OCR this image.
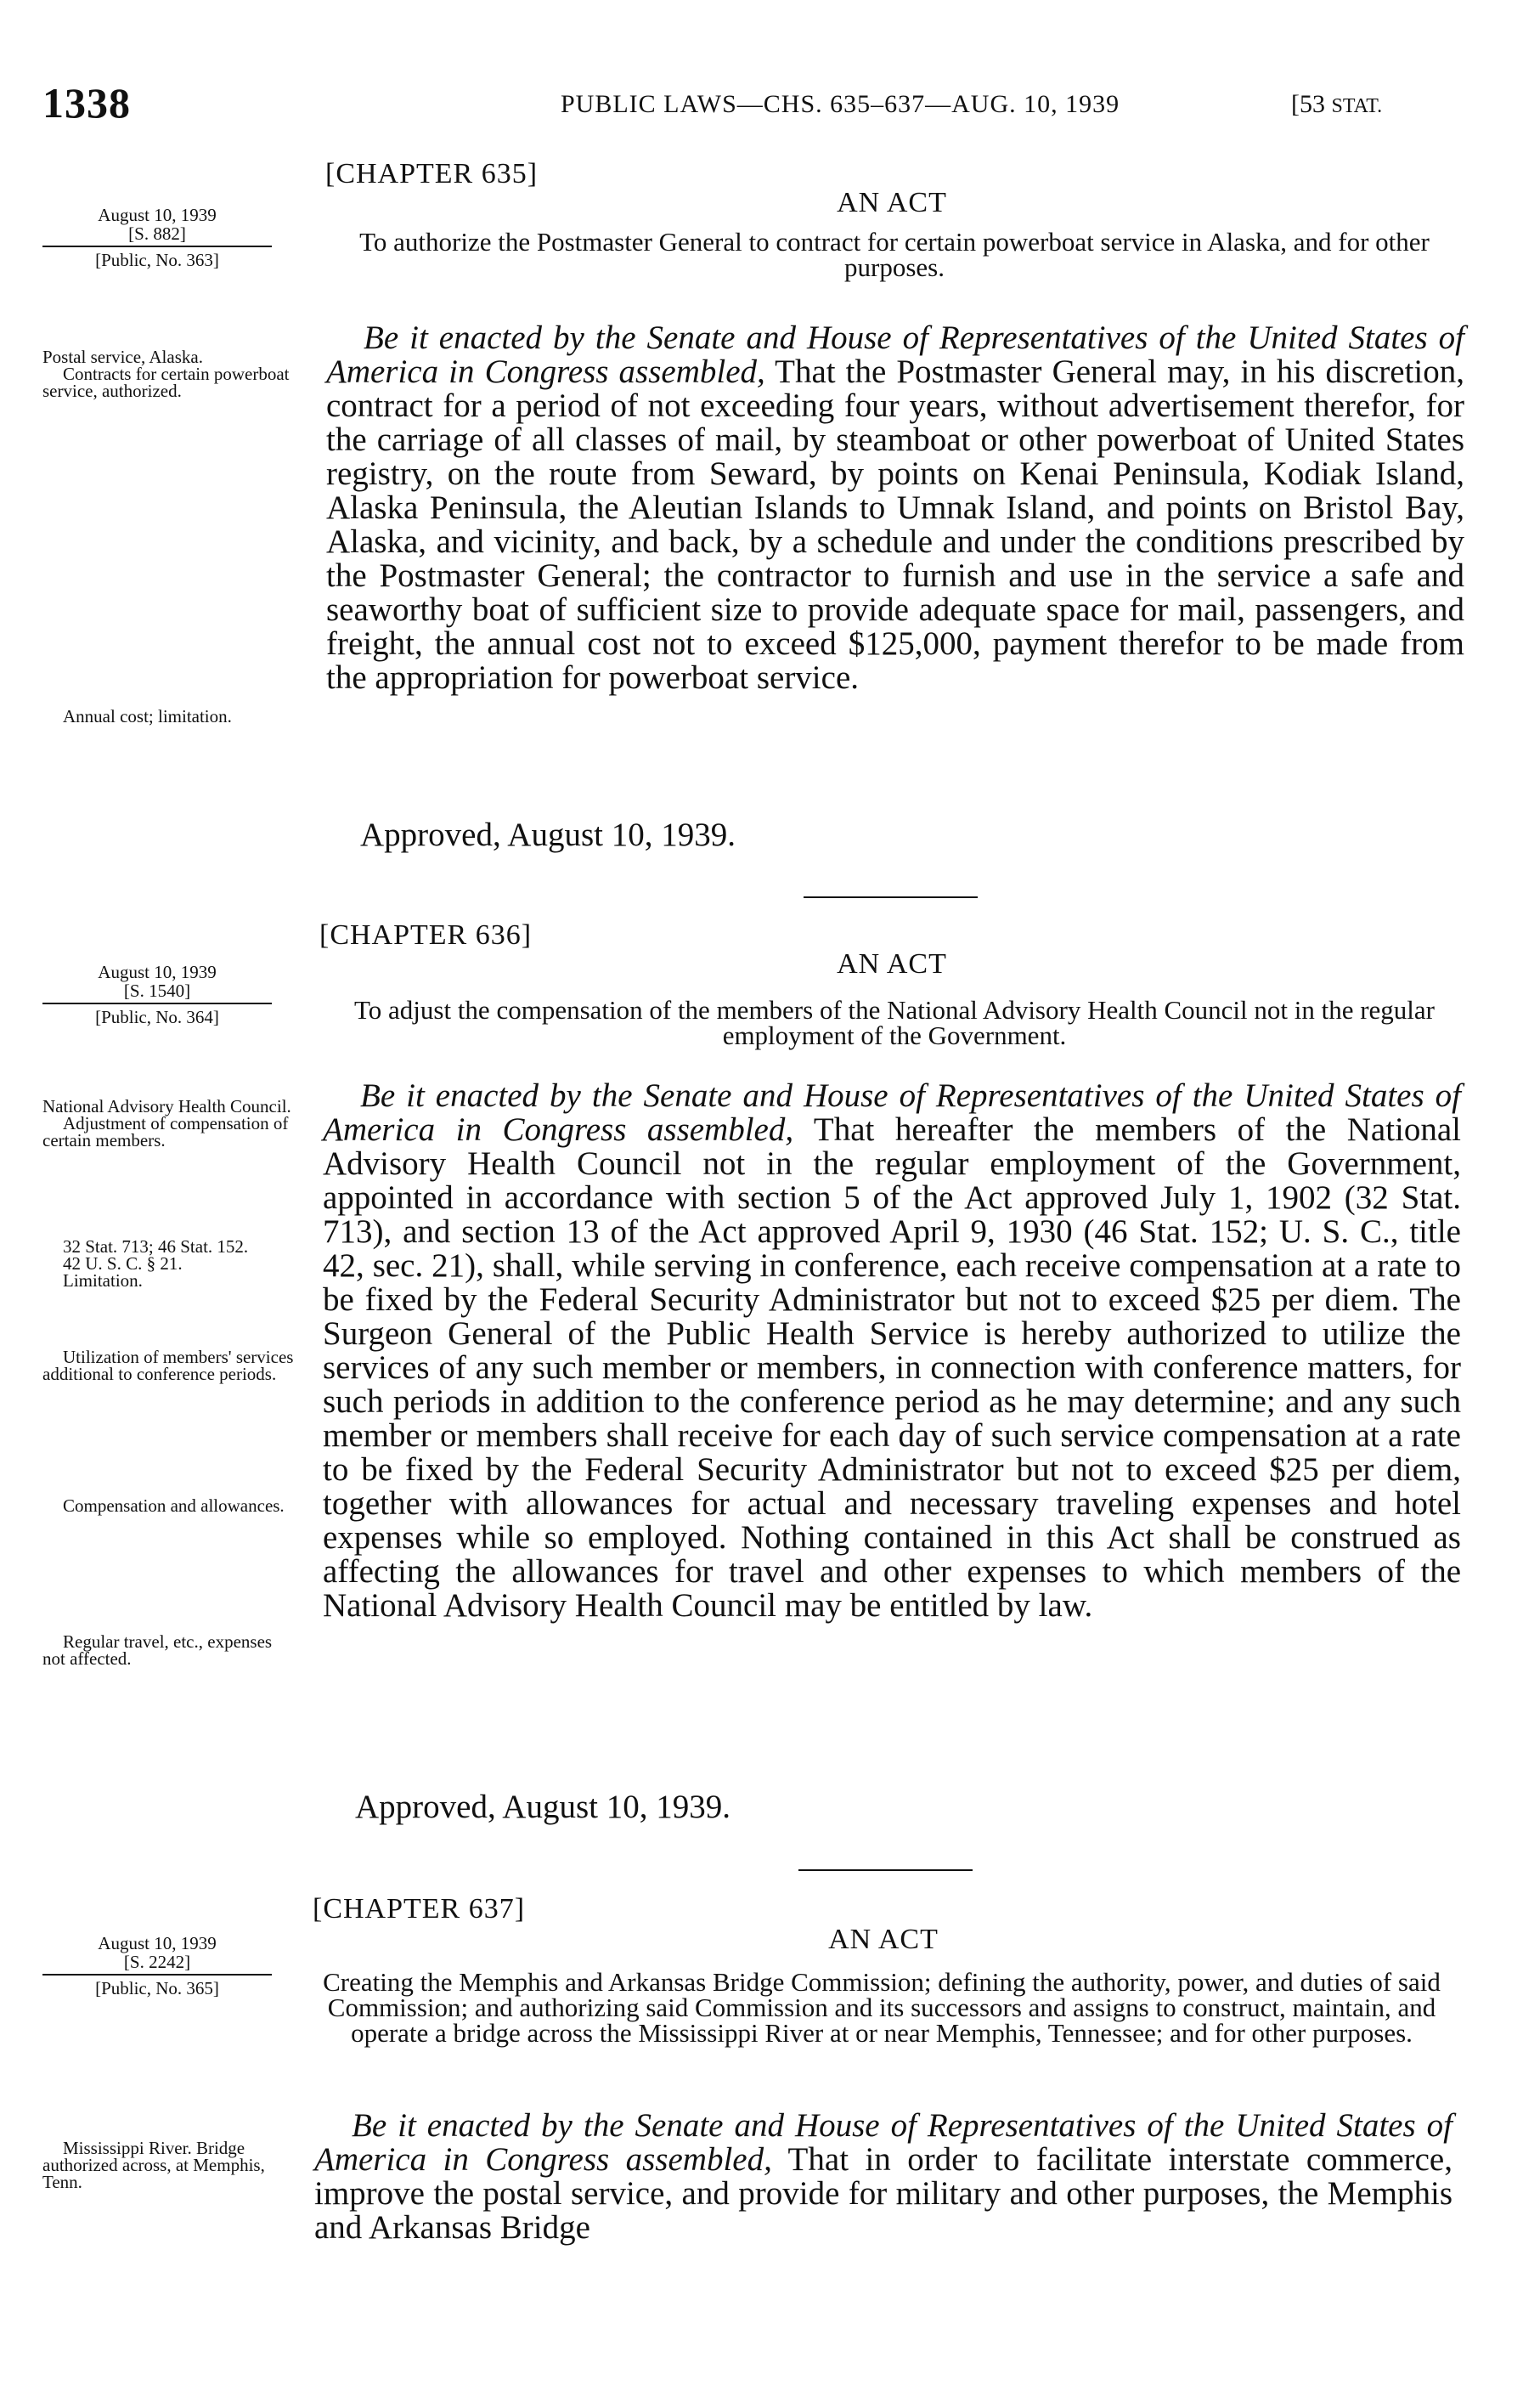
1338	PUBLIC LAWS—CHS. 635–637—AUG. 10, 1939	[53 STAT.
August 10, 1939
[S. 882]
[Public, No. 363]

Postal service, Alaska.

Contracts for certain powerboat service, authorized.

Annual cost; limitation.

[CHAPTER 635]
AN ACT
To authorize the Postmaster General to contract for certain powerboat service in Alaska, and for other purposes.

Be it enacted by the Senate and House of Representatives of the United States of America in Congress assembled, That the Postmaster General may, in his discretion, contract for a period of not exceeding four years, without advertisement therefor, for the carriage of all classes of mail, by steamboat or other powerboat of United States registry, on the route from Seward, by points on Kenai Peninsula, Kodiak Island, Alaska Peninsula, the Aleutian Islands to Umnak Island, and points on Bristol Bay, Alaska, and vicinity, and back, by a schedule and under the conditions prescribed by the Postmaster General; the contractor to furnish and use in the service a safe and seaworthy boat of sufficient size to provide adequate space for mail, passengers, and freight, the annual cost not to exceed $125,000, payment therefor to be made from the appropriation for powerboat service.

Approved, August 10, 1939.
August 10, 1939
[S. 1540]
[Public, No. 364]

National Advisory Health Council.

Adjustment of compensation of certain members.

32 Stat. 713; 46 Stat. 152.

42 U. S. C. § 21.

Limitation.

Utilization of members' services additional to conference periods.

Compensation and allowances.

Regular travel, etc., expenses not affected.

[CHAPTER 636]
AN ACT
To adjust the compensation of the members of the National Advisory Health Council not in the regular employment of the Government.

Be it enacted by the Senate and House of Representatives of the United States of America in Congress assembled, That hereafter the members of the National Advisory Health Council not in the regular employment of the Government, appointed in accordance with section 5 of the Act approved July 1, 1902 (32 Stat. 713), and section 13 of the Act approved April 9, 1930 (46 Stat. 152; U. S. C., title 42, sec. 21), shall, while serving in conference, each receive compensation at a rate to be fixed by the Federal Security Administrator but not to exceed $25 per diem. The Surgeon General of the Public Health Service is hereby authorized to utilize the services of any such member or members, in connection with conference matters, for such periods in addition to the conference period as he may determine; and any such member or members shall receive for each day of such service compensation at a rate to be fixed by the Federal Security Administrator but not to exceed $25 per diem, together with allowances for actual and necessary traveling expenses and hotel expenses while so employed. Nothing contained in this Act shall be construed as affecting the allowances for travel and other expenses to which members of the National Advisory Health Council may be entitled by law.

Approved, August 10, 1939.
August 10, 1939
[S. 2242]
[Public, No. 365]

Mississippi River. Bridge authorized across, at Memphis, Tenn.

[CHAPTER 637]
AN ACT
Creating the Memphis and Arkansas Bridge Commission; defining the authority, power, and duties of said Commission; and authorizing said Commission and its successors and assigns to construct, maintain, and operate a bridge across the Mississippi River at or near Memphis, Tennessee; and for other purposes.

Be it enacted by the Senate and House of Representatives of the United States of America in Congress assembled, That in order to facilitate interstate commerce, improve the postal service, and provide for military and other purposes, the Memphis and Arkansas Bridge
